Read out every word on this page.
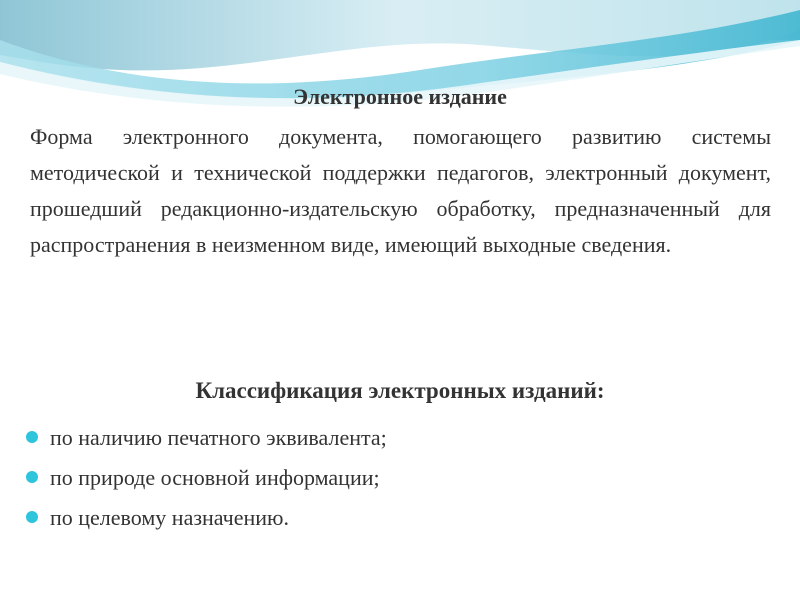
Электронное издание

Форма электронного документа, помогающего развитию системы методической и технической поддержки педагогов, электронный документ, прошедший редакционно-издательскую обработку, предназначенный для распространения в неизменном виде, имеющий выходные сведения.

Классификация электронных изданий:
по наличию печатного эквивалента;
по природе основной информации;
по целевому назначению.
